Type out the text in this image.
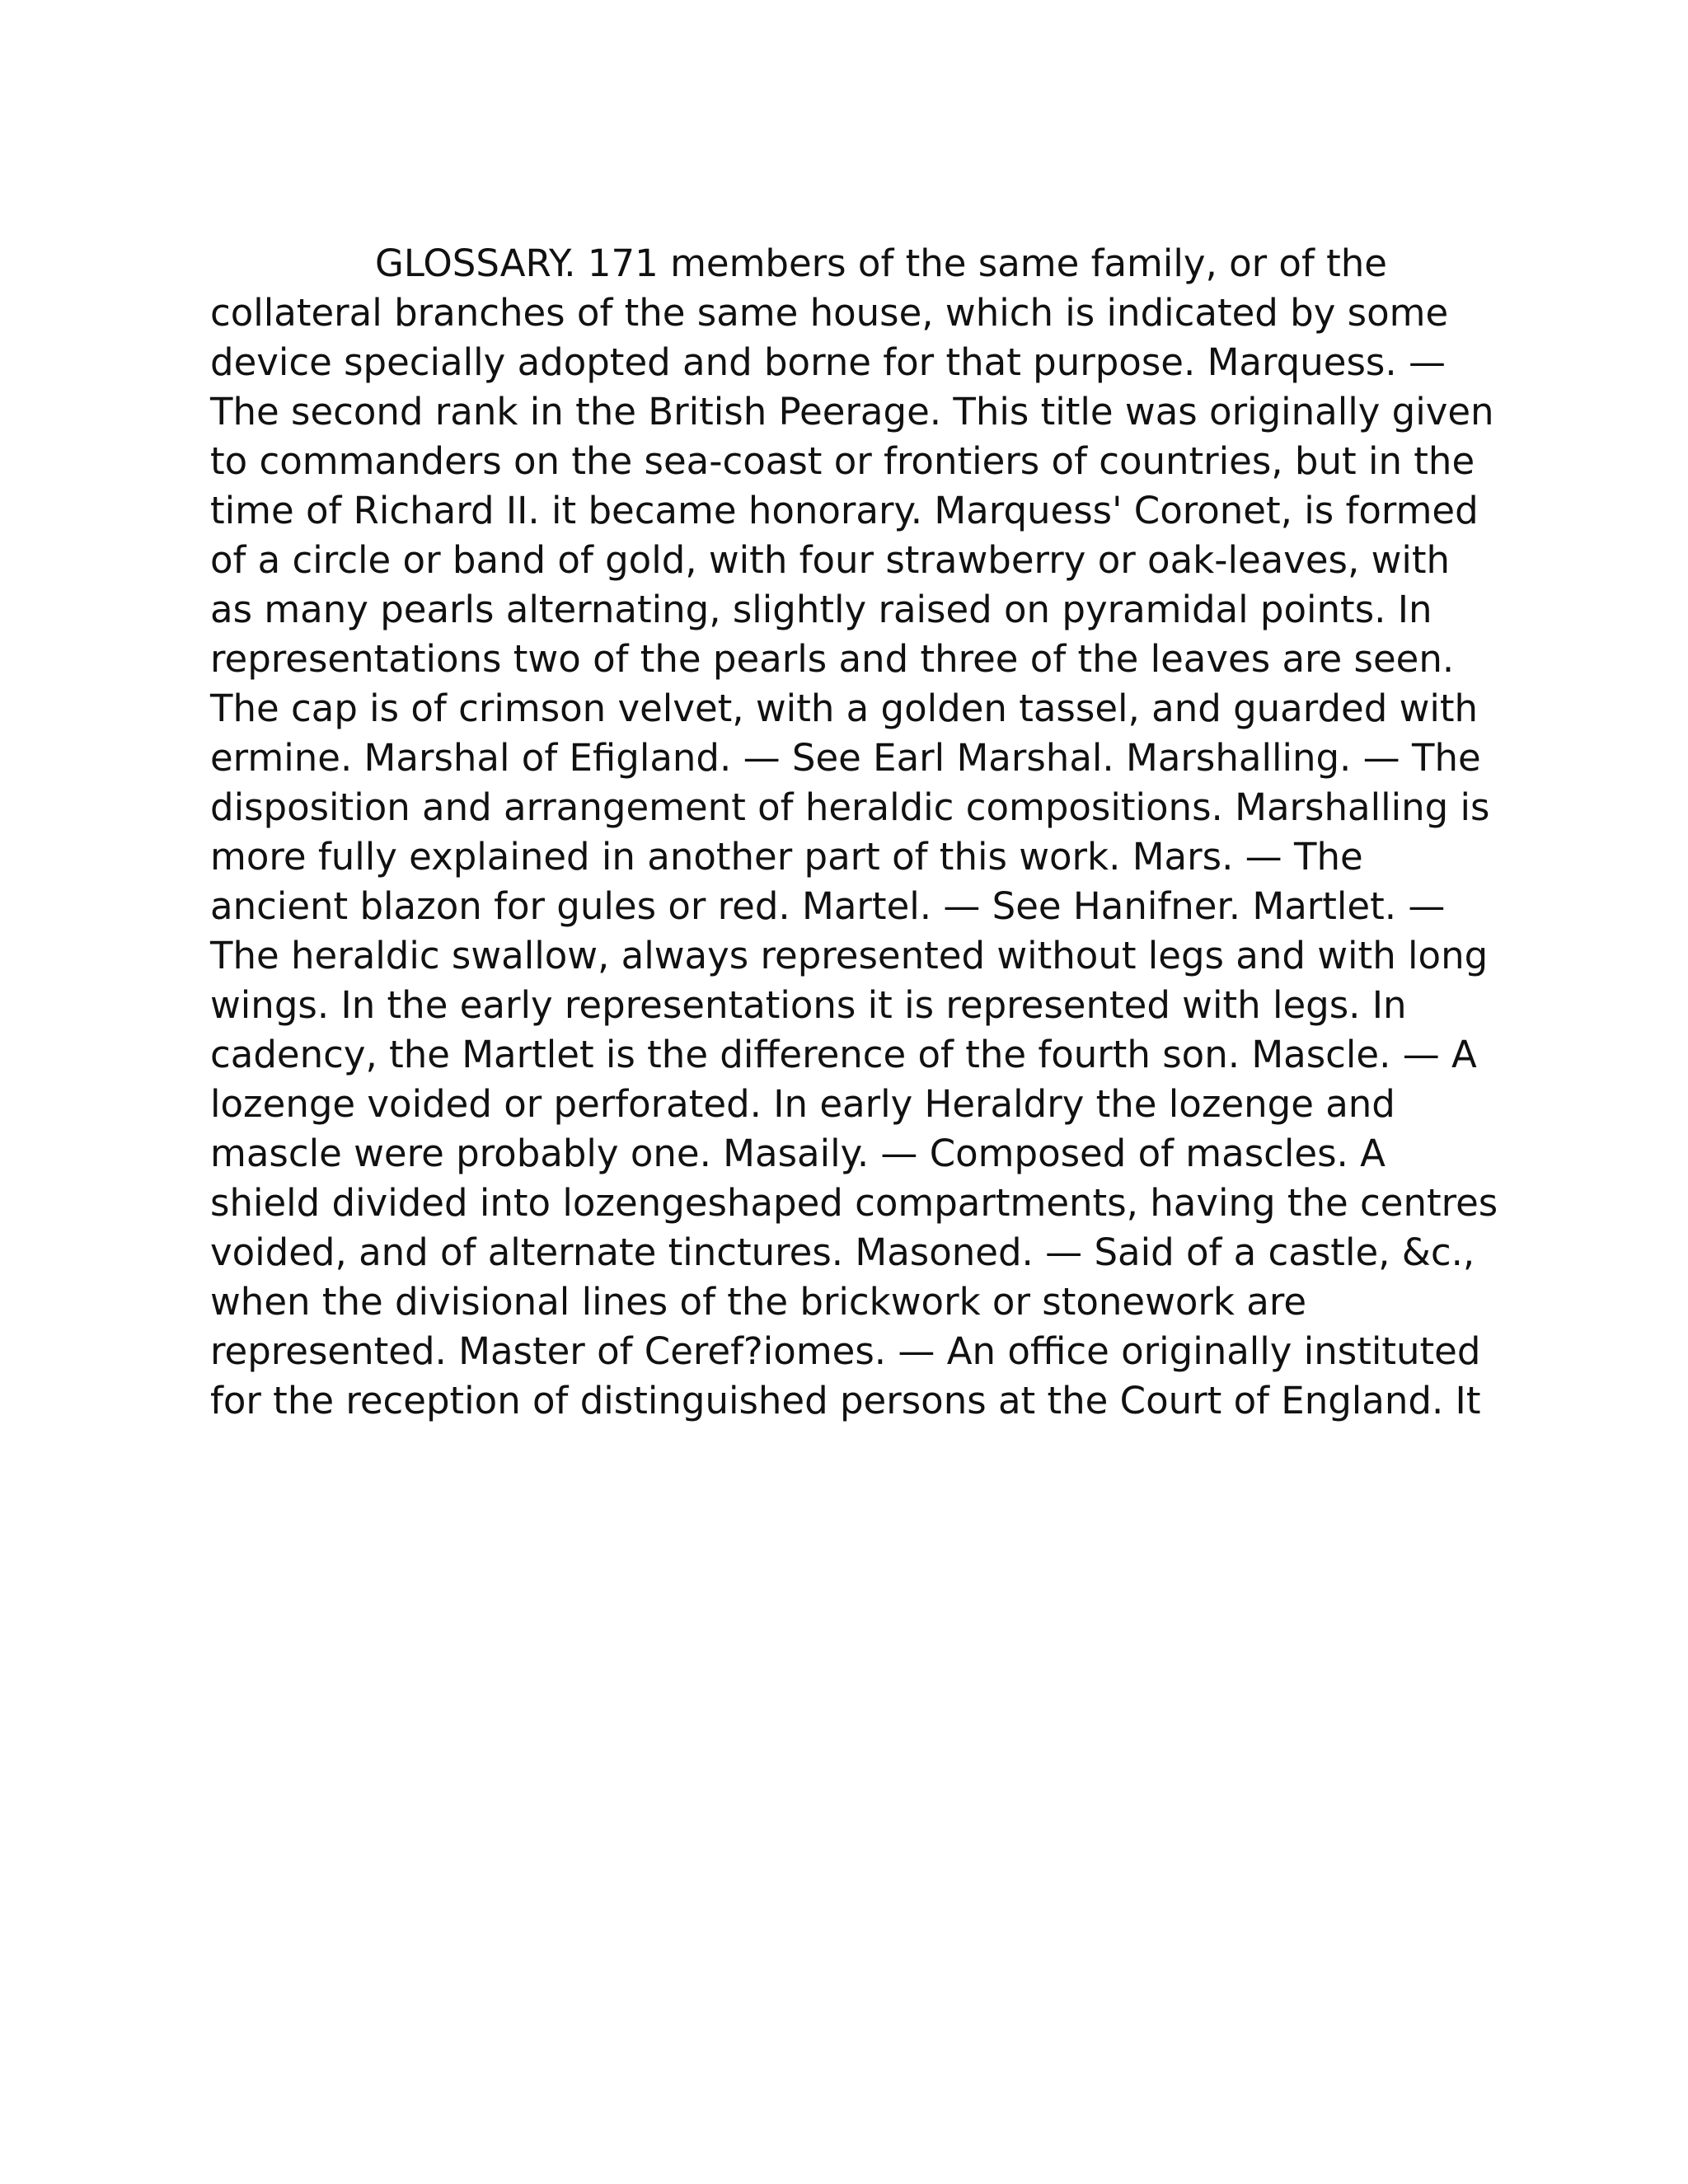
GLOSSARY. 171 members of the same family, or of the
collateral branches of the same house, which is indicated by some
device specially adopted and borne for that purpose. Marquess. —
The second rank in the British Peerage. This title was originally given
to commanders on the sea-coast or frontiers of countries, but in the
time of Richard II. it became honorary. Marquess' Coronet, is formed
of a circle or band of gold, with four strawberry or oak-leaves, with
as many pearls alternating, slightly raised on pyramidal points. In
representations two of the pearls and three of the leaves are seen.
The cap is of crimson velvet, with a golden tassel, and guarded with
ermine. Marshal of Efigland. — See Earl Marshal. Marshalling. — The
disposition and arrangement of heraldic compositions. Marshalling is
more fully explained in another part of this work. Mars. — The
ancient blazon for gules or red. Martel. — See Hanifner. Martlet. —
The heraldic swallow, always represented without legs and with long
wings. In the early representations it is represented with legs. In
cadency, the Martlet is the difference of the fourth son. Mascle. — A
lozenge voided or perforated. In early Heraldry the lozenge and
mascle were probably one. Masaily. — Composed of mascles. A
shield divided into lozengeshaped compartments, having the centres
voided, and of alternate tinctures. Masoned. — Said of a castle, &c.,
when the divisional lines of the brickwork or stonework are
represented. Master of Ceref?iomes. — An office originally instituted
for the reception of distinguished persons at the Court of England. It
